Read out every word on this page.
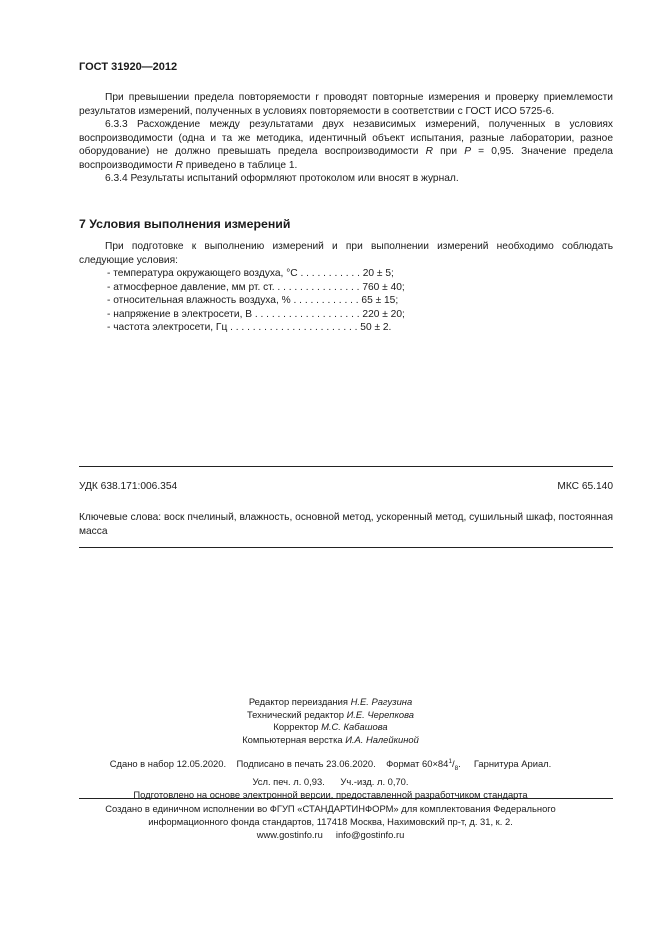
ГОСТ 31920—2012

При превышении предела повторяемости r проводят повторные измерения и проверку приемлемости результатов измерений, полученных в условиях повторяемости в соответствии с ГОСТ ИСО 5725-6.

6.3.3 Расхождение между результатами двух независимых измерений, полученных в условиях воспроизводимости (одна и та же методика, идентичный объект испытания, разные лаборатории, разное оборудование) не должно превышать предела воспроизводимости R при P = 0,95. Значение предела воспроизводимости R приведено в таблице 1.

6.3.4 Результаты испытаний оформляют протоколом или вносят в журнал.

7 Условия выполнения измерений

При подготовке к выполнению измерений и при выполнении измерений необходимо соблюдать следующие условия:

- температура окружающего воздуха, °С . . . . . . . . . . . 20 ± 5;
- атмосферное давление, мм рт. ст. . . . . . . . . . . . . . . . 760 ± 40;
- относительная влажность воздуха, % . . . . . . . . . . . . 65 ± 15;
- напряжение в электросети, В . . . . . . . . . . . . . . . . . . . 220 ± 20;
- частота электросети, Гц . . . . . . . . . . . . . . . . . . . . . . . 50 ± 2.
УДК 638.171:006.354	МКС 65.140
Ключевые слова: воск пчелиный, влажность, основной метод, ускоренный метод, сушильный шкаф, постоянная масса
Редактор переиздания Н.Е. Рагузина
Технический редактор И.Е. Черепкова
Корректор М.С. Кабашова
Компьютерная верстка И.А. Налейкиной
Сдано в набор 12.05.2020.    Подписано в печать 23.06.2020.    Формат $60\times 84^1/_8$.     Гарнитура Ариал.
Усл. печ. л. 0,93.      Уч.-изд. л. 0,70.
Подготовлено на основе электронной версии, предоставленной разработчиком стандарта
Создано в единичном исполнении во ФГУП «СТАНДАРТИНФОРМ» для комплектования Федерального
информационного фонда стандартов, 117418 Москва, Нахимовский пр-т, д. 31, к. 2.
www.gostinfo.ru     info@gostinfo.ru
